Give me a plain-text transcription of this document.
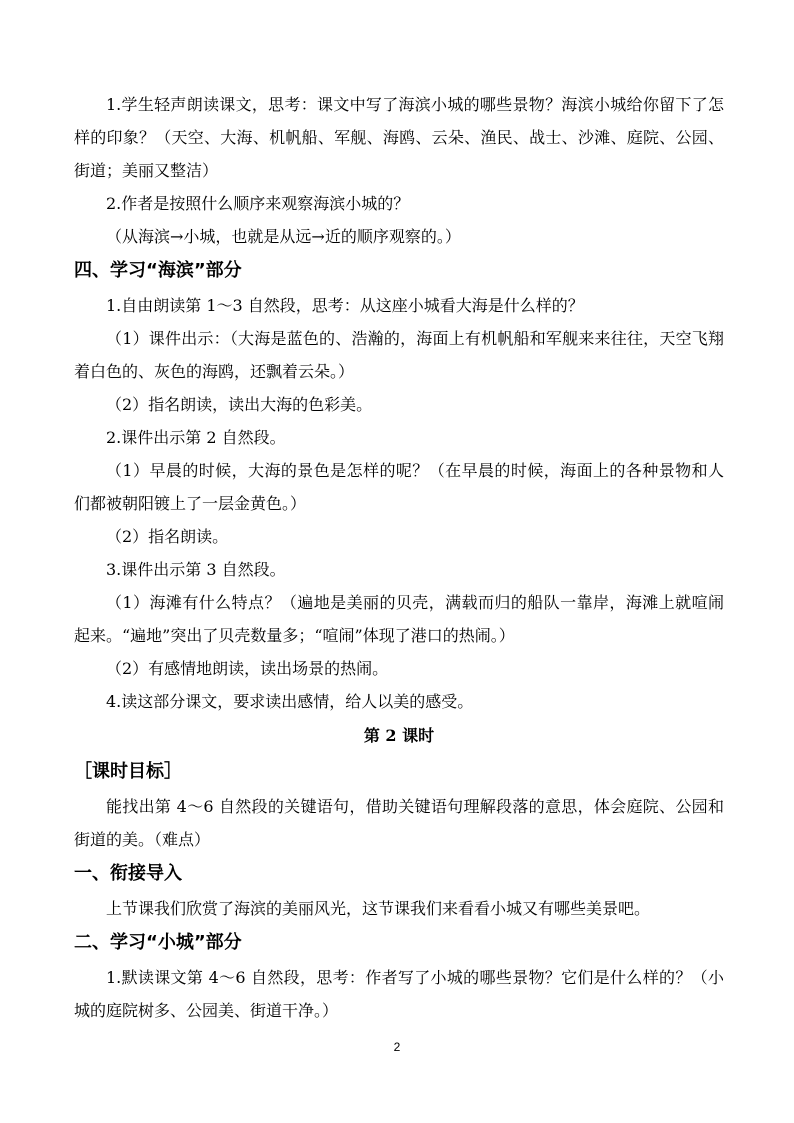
1.学生轻声朗读课文，思考：课文中写了海滨小城的哪些景物？海滨小城给你留下了怎样的印象？（天空、大海、机帆船、军舰、海鸥、云朵、渔民、战士、沙滩、庭院、公园、街道；美丽又整洁）

2.作者是按照什么顺序来观察海滨小城的？

（从海滨→小城，也就是从远→近的顺序观察的。）

四、学习“海滨”部分

1.自由朗读第 1～3 自然段，思考：从这座小城看大海是什么样的？

（1）课件出示：（大海是蓝色的、浩瀚的，海面上有机帆船和军舰来来往往，天空飞翔着白色的、灰色的海鸥，还飘着云朵。）

（2）指名朗读，读出大海的色彩美。

2.课件出示第 2 自然段。

（1）早晨的时候，大海的景色是怎样的呢？（在早晨的时候，海面上的各种景物和人们都被朝阳镀上了一层金黄色。）

（2）指名朗读。

3.课件出示第 3 自然段。

（1）海滩有什么特点？（遍地是美丽的贝壳，满载而归的船队一靠岸，海滩上就喧闹起来。“遍地”突出了贝壳数量多；“喧闹”体现了港口的热闹。）

（2）有感情地朗读，读出场景的热闹。

4.读这部分课文，要求读出感情，给人以美的感受。

第 2 课时

［课时目标］

能找出第 4～6 自然段的关键语句，借助关键语句理解段落的意思，体会庭院、公园和街道的美。（难点）

一、衔接导入

上节课我们欣赏了海滨的美丽风光，这节课我们来看看小城又有哪些美景吧。

二、学习“小城”部分

1.默读课文第 4～6 自然段，思考：作者写了小城的哪些景物？它们是什么样的？（小城的庭院树多、公园美、街道干净。）

2
